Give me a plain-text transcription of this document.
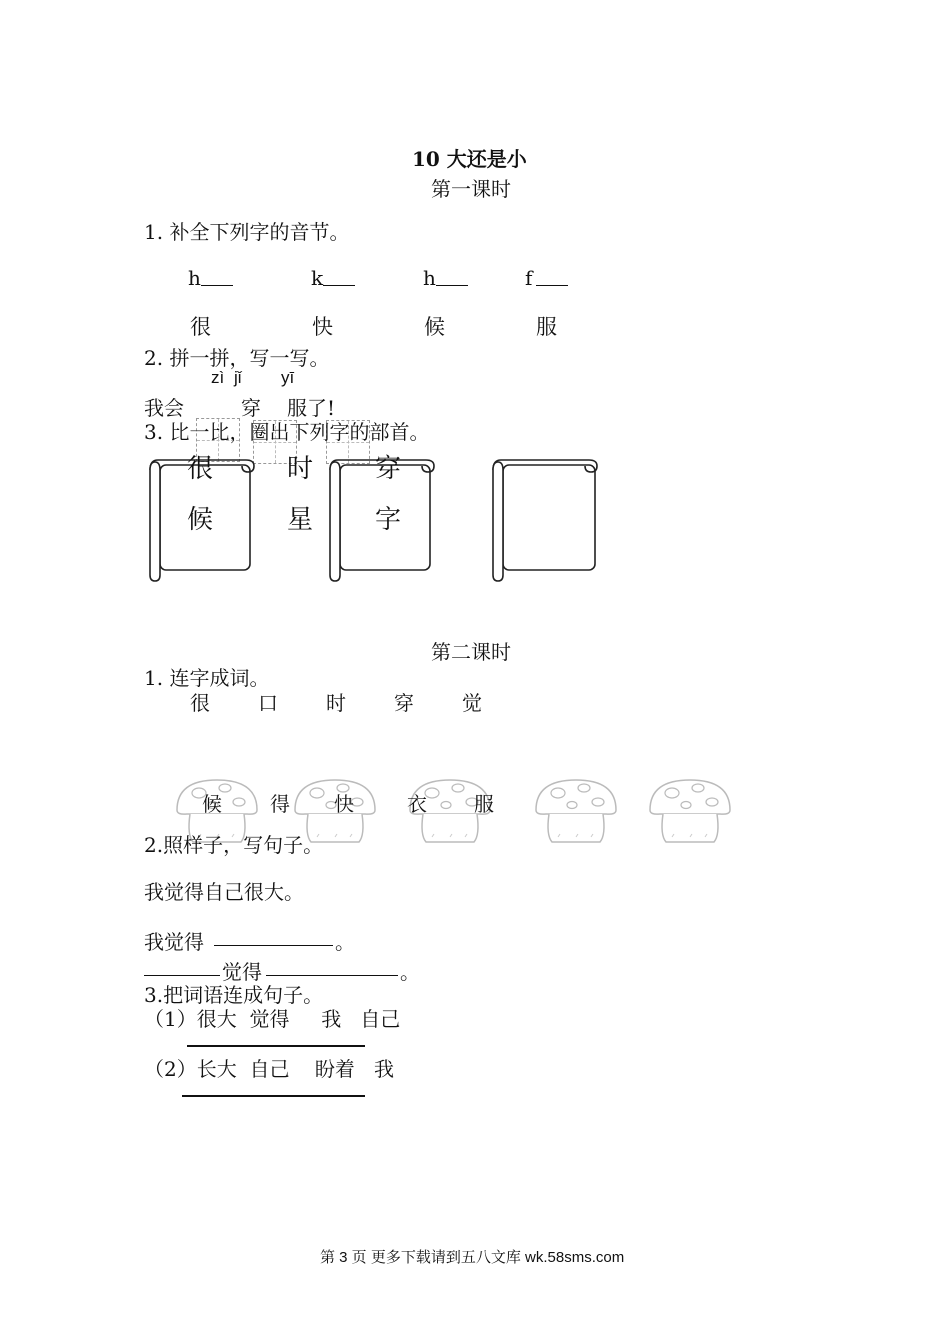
10 大还是小
第一课时
1. 补全下列字的音节。
h	k	h	f
很	快	候	服
2. 拼一拼，写一写。
zì jǐ yī
我会	穿 服了!
3. 比一比，圈出下列字的部首。
很	时 穿
候	星 字
第二课时
1. 连字成词。
很 口 时 穿 觉
候 得 快	衣 服
2.照样子，写句子。
我觉得自己很大。
我觉得	。
觉得	。
3.把词语连成句子。
（1）很大  觉得     我   自己
（2）长大  自己    盼着   我
第 3 页 更多下载请到五八文库 wk.58sms.com
